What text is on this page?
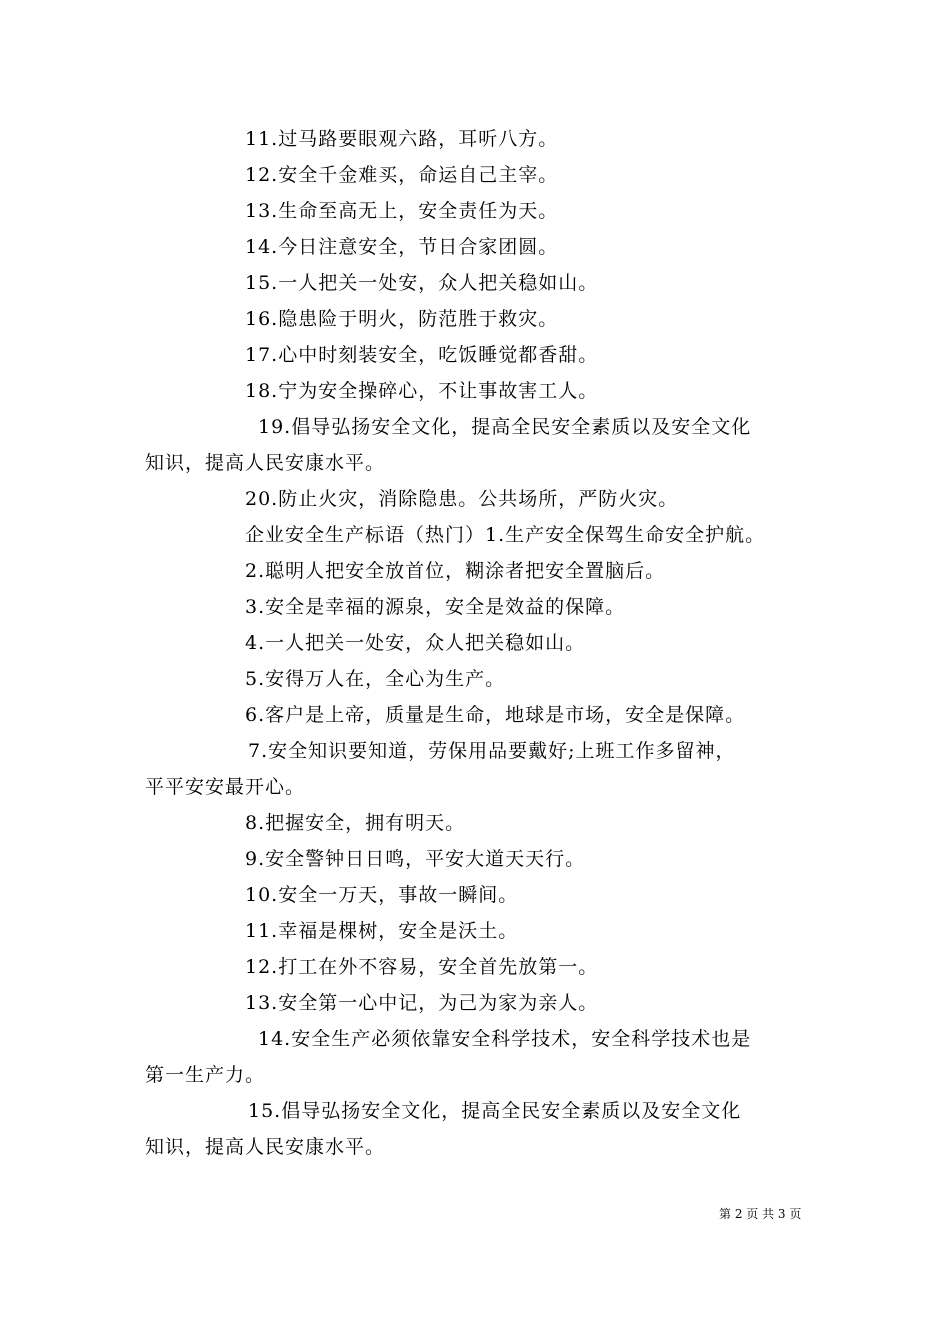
11.过马路要眼观六路，耳听八方。
12.安全千金难买，命运自己主宰。
13.生命至高无上，安全责任为天。
14.今日注意安全，节日合家团圆。
15.一人把关一处安，众人把关稳如山。
16.隐患险于明火，防范胜于救灾。
17.心中时刻装安全，吃饭睡觉都香甜。
18.宁为安全操碎心，不让事故害工人。
19.倡导弘扬安全文化，提高全民安全素质以及安全文化
知识，提高人民安康水平。
20.防止火灾，消除隐患。公共场所，严防火灾。
企业安全生产标语（热门）1.生产安全保驾生命安全护航。
2.聪明人把安全放首位，糊涂者把安全置脑后。
3.安全是幸福的源泉，安全是效益的保障。
4.一人把关一处安，众人把关稳如山。
5.安得万人在，全心为生产。
6.客户是上帝，质量是生命，地球是市场，安全是保障。
7.安全知识要知道，劳保用品要戴好;上班工作多留神，
平平安安最开心。
8.把握安全，拥有明天。
9.安全警钟日日鸣，平安大道天天行。
10.安全一万天，事故一瞬间。
11.幸福是棵树，安全是沃土。
12.打工在外不容易，安全首先放第一。
13.安全第一心中记，为己为家为亲人。
14.安全生产必须依靠安全科学技术，安全科学技术也是
第一生产力。
15.倡导弘扬安全文化，提高全民安全素质以及安全文化
知识，提高人民安康水平。
第 2 页 共 3 页
